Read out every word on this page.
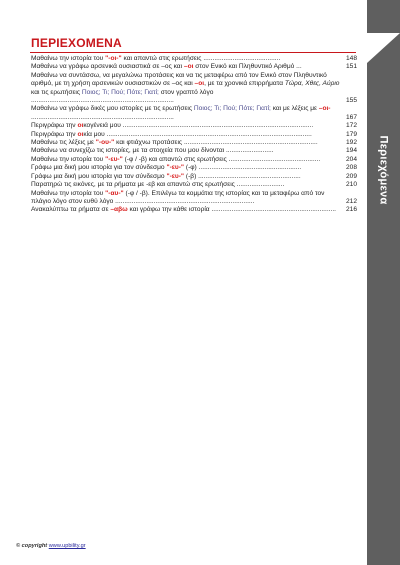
Περιεχόμενα
ΠΕΡΙΕΧΟΜΕΝΑ
Μαθαίνω την ιστορία του "-οι-" και απαντώ στις ερωτήσεις ..........................................	148
Μαθαίνω να γράφω αρσενικά ουσιαστικά σε –ος και –οι στον Ενικό και Πληθυντικό Αριθμό ...	151
Μαθαίνω να συντάσσω, να μεγαλώνω προτάσεις και να τις μεταφέρω από τον Ενικό στον Πληθυντικό αριθμό, με τη χρήση αρσενικών ουσιαστικών σε –ος και –οι, με τα χρονικά επιρρήματα Τώρα, Χθες, Αύριο και τις ερωτήσεις Ποιος; Τι; Πού; Πότε; Γιατί; στον γραπτό λόγο ..............................................................................	155
Μαθαίνω να γράφω δικές μου ιστορίες με τις ερωτήσεις Ποιος; Τι; Πού; Πότε; Γιατί; και με λέξεις με –οι- ..............................................................................	167
Περιγράφω την οικογένειά μου ........................................................................................................	172
Περιγράφω την οικία μου ................................................................................................................	179
Μαθαίνω τις λέξεις με "-ου-" και φτιάχνω προτάσεις .........................................................................	192
Μαθαίνω να συνεχίζω τις ιστορίες, με τα στοιχεία που μου δίνονται ..........................	194
Μαθαίνω την ιστορία του "-ευ-" (-φ / -β) και απαντώ στις ερωτήσεις ..................................................	204
Γράφω μια δική μου ιστορία για τον σύνδεσμο "-ευ-" (-φ) ........................................................	208
Γράφω μια δική μου ιστορία για τον σύνδεσμο "-ευ-" (-β) ........................................................	209
Παρατηρώ τις εικόνες, με τα ρήματα με -εβ και απαντώ στις ερωτήσεις ..........................	210
Μαθαίνω την ιστορία του "-αυ-" (-φ / -β). Επιλέγω τα κομμάτια της ιστορίας και τα μεταφέρω από τον πλάγιο λόγο στον ευθύ λόγο ............................................................................	212
Ανακαλύπτω τα ρήματα σε –αβω και γράφω την κάθε ιστορία ....................................................................	216
© copyright www.upbility.gr
